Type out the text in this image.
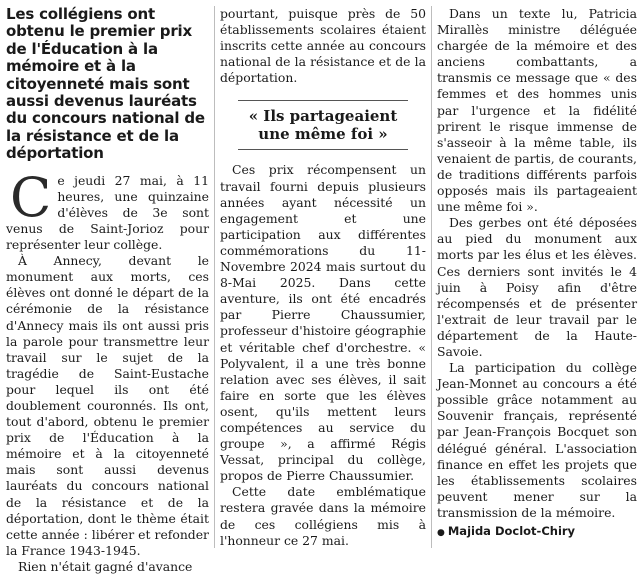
Les collégiens ont obtenu le premier prix de l'Éducation à la mémoire et à la citoyenneté mais sont aussi devenus lauréats du concours national de la résistance et de la déportation

Ce jeudi 27 mai, à 11 heures, une quinzaine d'élèves de 3e sont venus de Saint-Jorioz pour représenter leur collège.

À Annecy, devant le monument aux morts, ces élèves ont donné le départ de la cérémonie de la résistance d'Annecy mais ils ont aussi pris la parole pour transmettre leur travail sur le sujet de la tragédie de Saint-Eustache pour lequel ils ont été doublement couronnés. Ils ont, tout d'abord, obtenu le premier prix de l'Éducation à la mémoire et à la citoyenneté mais sont aussi devenus lauréats du concours national de la résistance et de la déportation, dont le thème était cette année : libérer et refonder la France 1943-1945.

Rien n'était gagné d'avance

pourtant, puisque près de 50 établissements scolaires étaient inscrits cette année au concours national de la résistance et de la déportation.

« Ils partageaient une même foi »

Ces prix récompensent un travail fourni depuis plusieurs années ayant nécessité un engagement et une participation aux différentes commémorations du 11-Novembre 2024 mais surtout du 8-Mai 2025. Dans cette aventure, ils ont été encadrés par Pierre Chaussumier, professeur d'histoire géographie et véritable chef d'orchestre. « Polyvalent, il a une très bonne relation avec ses élèves, il sait faire en sorte que les élèves osent, qu'ils mettent leurs compétences au service du groupe », a affirmé Régis Vessat, principal du collège, propos de Pierre Chaussumier.

Cette date emblématique restera gravée dans la mémoire de ces collégiens mis à l'honneur ce 27 mai.

Dans un texte lu, Patricia Mirallès ministre déléguée chargée de la mémoire et des anciens combattants, a transmis ce message que « des femmes et des hommes unis par l'urgence et la fidélité prirent le risque immense de s'asseoir à la même table, ils venaient de partis, de courants, de traditions différents parfois opposés mais ils partageaient une même foi ».

Des gerbes ont été déposées au pied du monument aux morts par les élus et les élèves. Ces derniers sont invités le 4 juin à Poisy afin d'être récompensés et de présenter l'extrait de leur travail par le département de la Haute-Savoie.

La participation du collège Jean-Monnet au concours a été possible grâce notamment au Souvenir français, représenté par Jean-François Bocquet son délégué général. L'association finance en effet les projets que les établissements scolaires peuvent mener sur la transmission de la mémoire.

● Majida Doclot-Chiry
